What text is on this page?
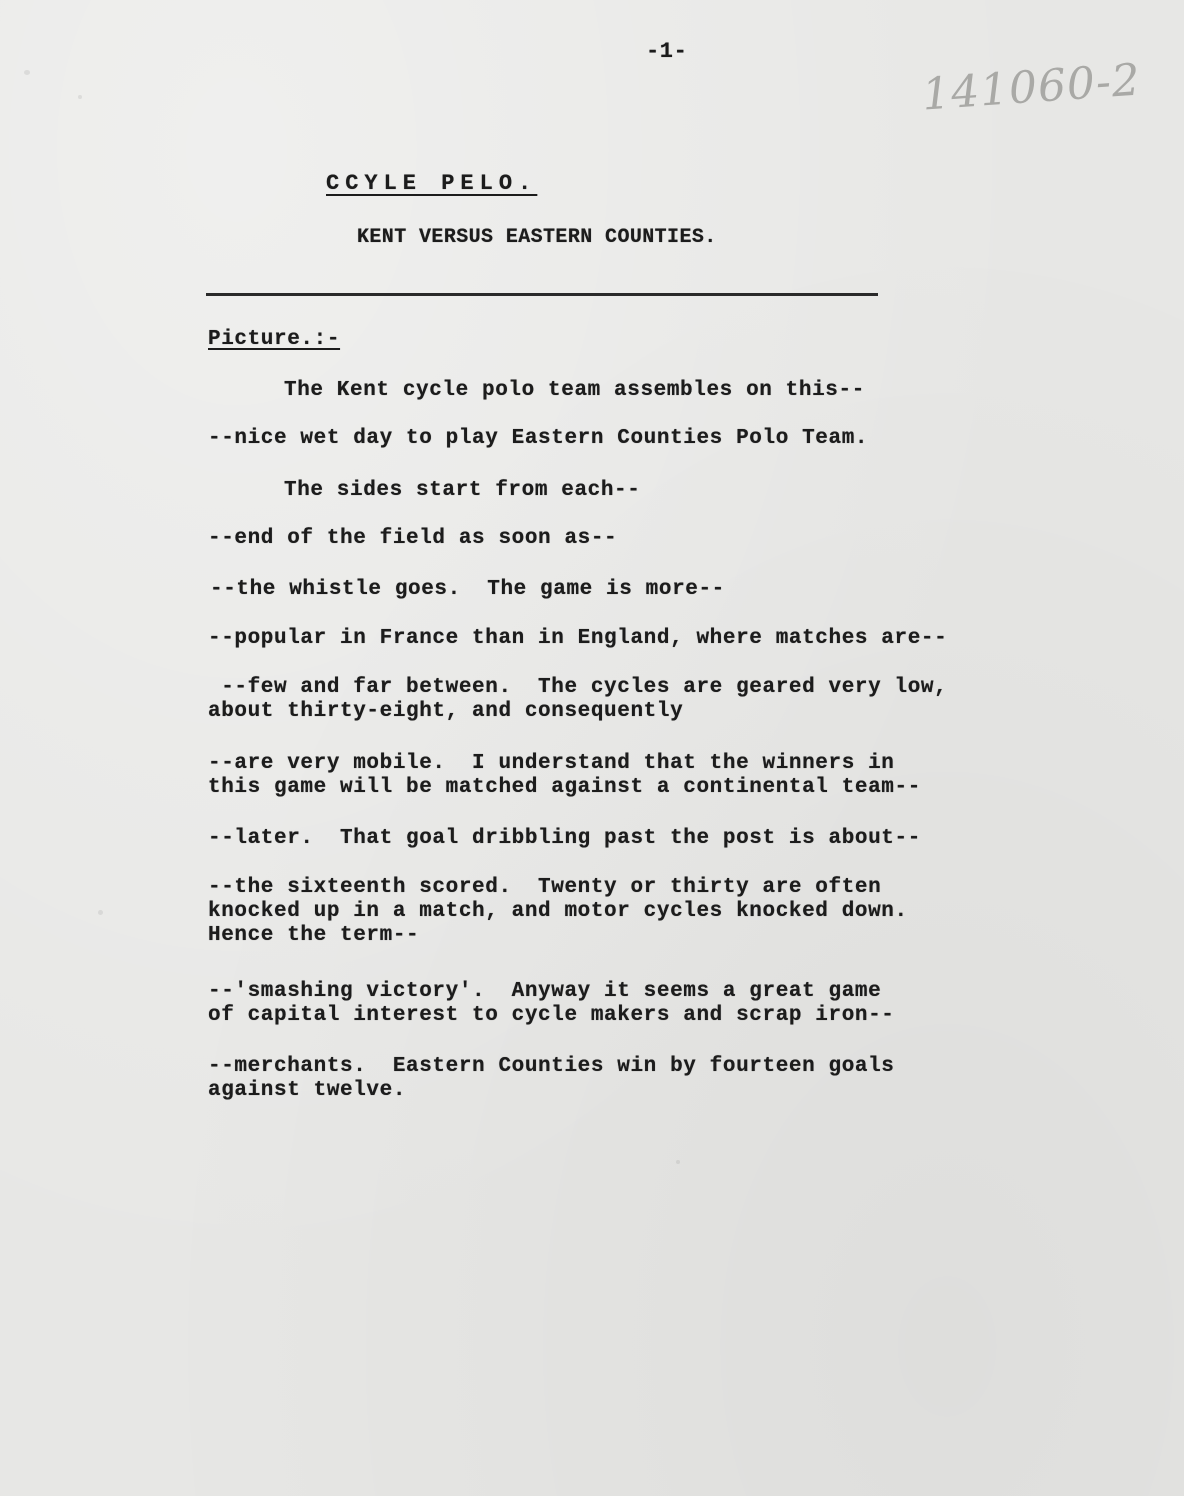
-1-
141060-2
CCYLE PELO.
KENT VERSUS EASTERN COUNTIES.
Picture.:-
The Kent cycle polo team assembles on this--
--nice wet day to play Eastern Counties Polo Team.
The sides start from each--
--end of the field as soon as--
--the whistle goes.  The game is more--
--popular in France than in England, where matches are--
--few and far between.  The cycles are geared very low,
about thirty-eight, and consequently
--are very mobile.  I understand that the winners in
this game will be matched against a continental team--
--later.  That goal dribbling past the post is about--
--the sixteenth scored.  Twenty or thirty are often
knocked up in a match, and motor cycles knocked down.
Hence the term--
--'smashing victory'.  Anyway it seems a great game
of capital interest to cycle makers and scrap iron--
--merchants.  Eastern Counties win by fourteen goals
against twelve.
